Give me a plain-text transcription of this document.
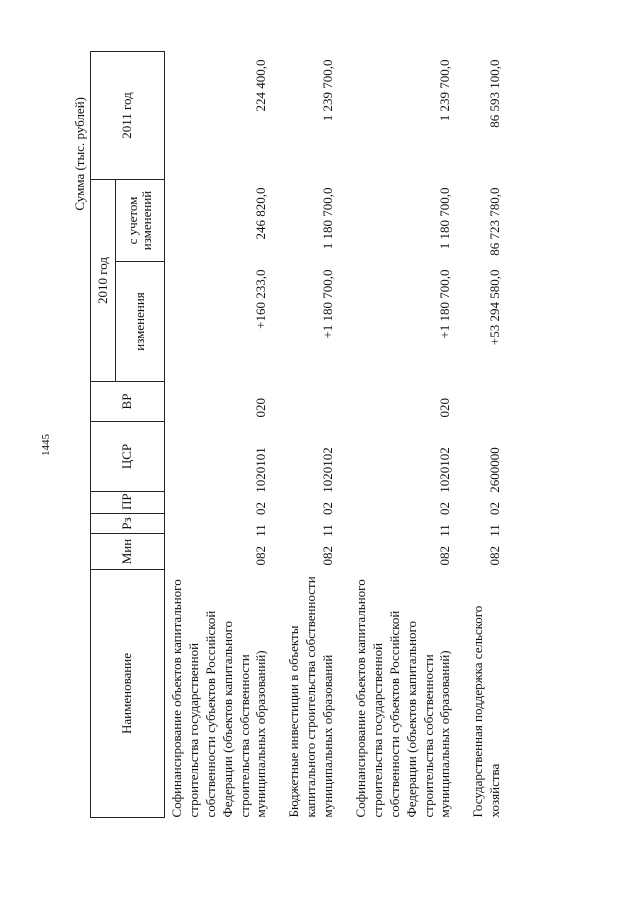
1445
Сумма (тыс. рублей)
Наименование	Мин	Рз	ПР	ЦСР	ВР	2010 год		2011 год
						изменения	с учетом изменений	
Софинансирование объектов капитального строительства государственной собственности субъектов Российской Федерации (объектов капитального строительства собственности муниципальных образований)	082 11 02 1020101				020	+160 233,0	246 820,0	224 400,0
Бюджетные инвестиции в объекты капитального строительства собственности муниципальных образований	082 11 02 1020102					+1 180 700,0	1 180 700,0	1 239 700,0
Софинансирование объектов капитального строительства государственной собственности субъектов Российской Федерации (объектов капитального строительства собственности муниципальных образований)	082 11 02 1020102				020	+1 180 700,0	1 180 700,0	1 239 700,0
Государственная поддержка сельского хозяйства	082 11 02 2600000					+53 294 580,0	86 723 780,0	86 593 100,0
